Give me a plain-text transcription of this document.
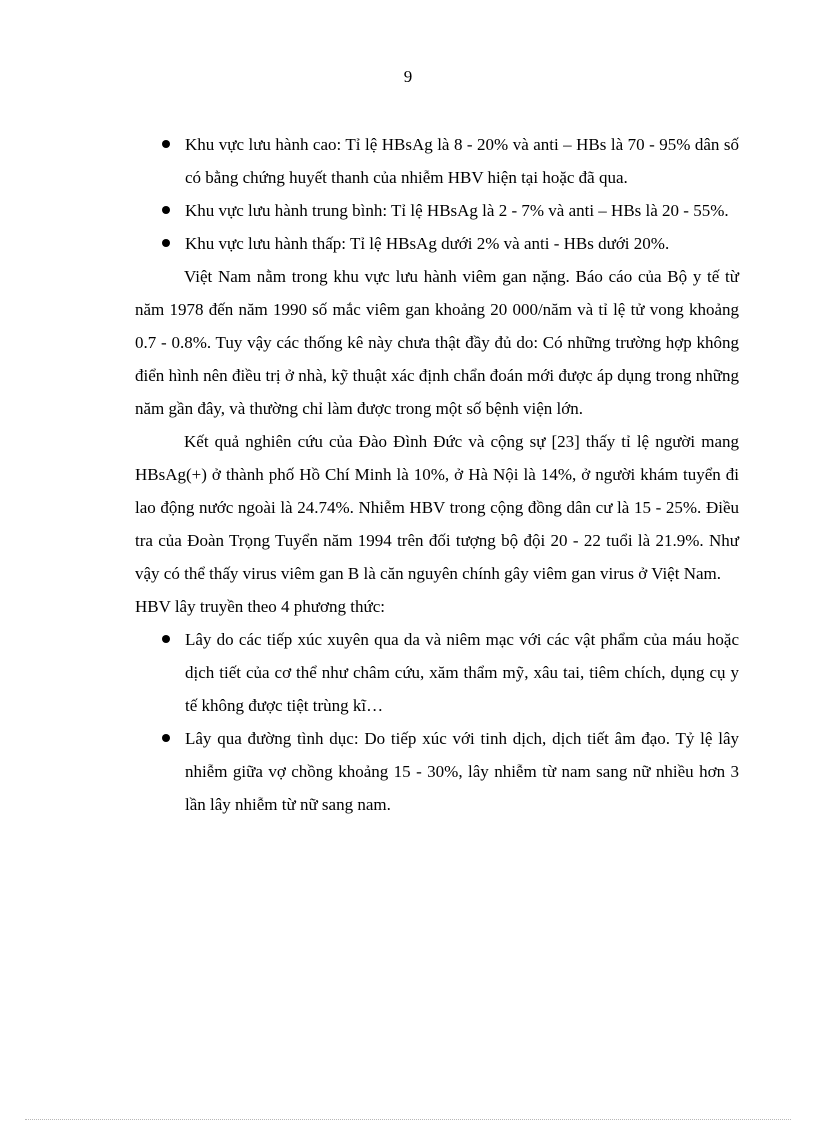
9
Khu vực lưu hành cao: Tỉ lệ HBsAg là 8 - 20% và anti – HBs là 70 - 95% dân số có bằng chứng huyết thanh của nhiễm HBV hiện tại hoặc đã qua.
Khu vực lưu hành trung bình: Tỉ lệ HBsAg là 2 - 7% và anti – HBs là 20 - 55%.
Khu vực lưu hành thấp: Tỉ lệ HBsAg dưới 2% và anti - HBs dưới 20%.

Việt Nam nằm trong khu vực lưu hành viêm gan nặng. Báo cáo của Bộ y tế từ năm 1978 đến năm 1990 số mắc viêm gan khoảng 20 000/năm và tỉ lệ tử vong khoảng 0.7 - 0.8%. Tuy vậy các thống kê này chưa thật đầy đủ do: Có những trường hợp không điển hình nên điều trị ở nhà, kỹ thuật xác định chẩn đoán mới được áp dụng trong những năm gần đây, và thường chỉ làm được trong một số bệnh viện lớn.

Kết quả nghiên cứu của Đào Đình Đức và cộng sự [23] thấy tỉ lệ người mang HBsAg(+) ở thành phố Hồ Chí Minh là 10%, ở Hà Nội là 14%, ở người khám tuyển đi lao động nước ngoài là 24.74%. Nhiễm HBV trong cộng đồng dân cư là 15 - 25%. Điều tra của Đoàn Trọng Tuyển năm 1994 trên đối tượng bộ đội 20 - 22 tuổi là 21.9%. Như vậy có thể thấy virus viêm gan B là căn nguyên chính gây viêm gan virus ở Việt Nam.

HBV lây truyền theo 4 phương thức:

Lây do các tiếp xúc xuyên qua da và niêm mạc với các vật phẩm của máu hoặc dịch tiết của cơ thể như châm cứu, xăm thẩm mỹ, xâu tai, tiêm chích, dụng cụ y tế không được tiệt trùng kĩ…
Lây qua đường tình dục: Do tiếp xúc với tinh dịch, dịch tiết âm đạo. Tỷ lệ lây nhiễm giữa vợ chồng khoảng 15 - 30%, lây nhiễm từ nam sang nữ nhiều hơn 3 lần lây nhiễm từ nữ sang nam.
